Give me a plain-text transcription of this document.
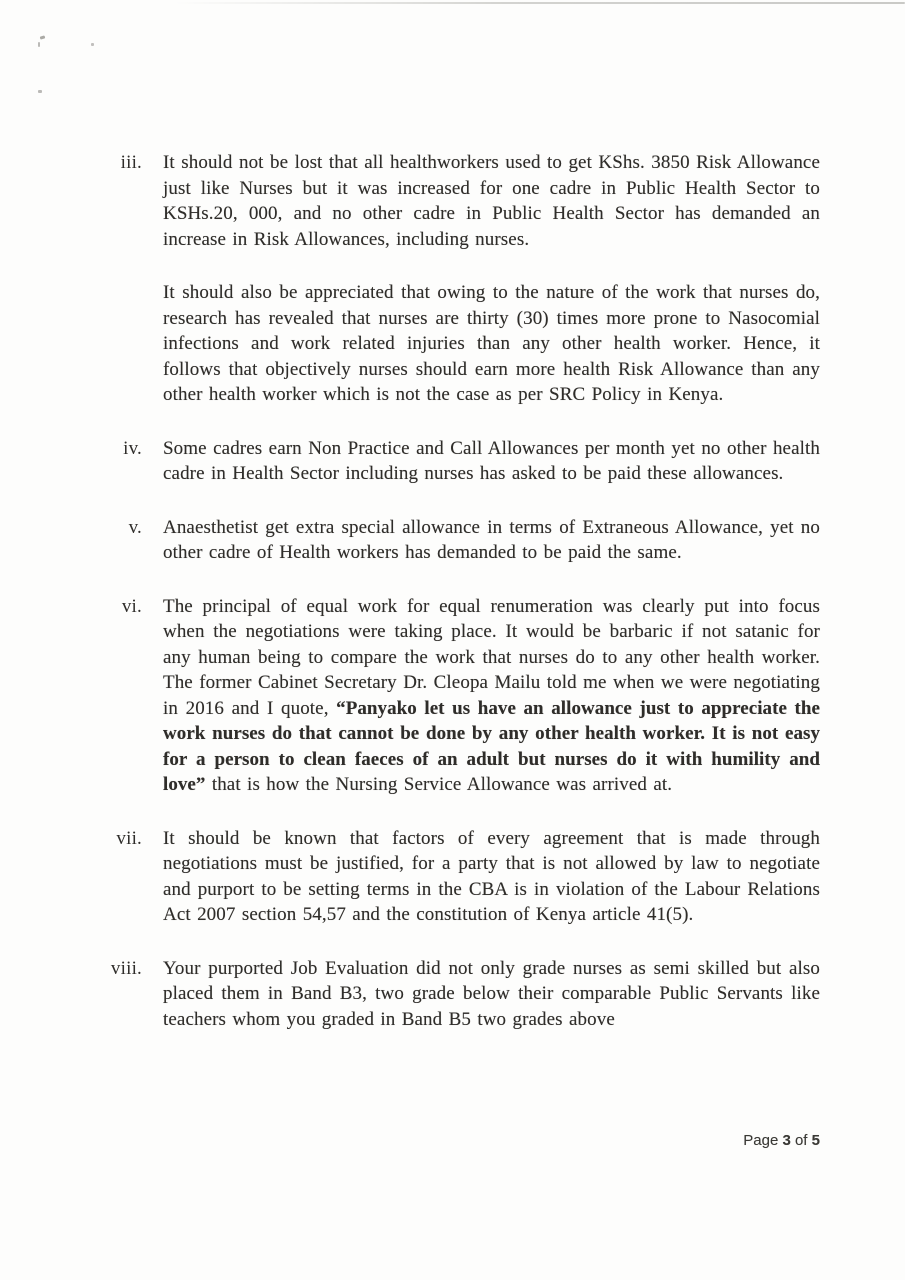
iii. It should not be lost that all healthworkers used to get KShs. 3850 Risk Allowance just like Nurses but it was increased for one cadre in Public Health Sector to KSHs.20, 000, and no other cadre in Public Health Sector has demanded an increase in Risk Allowances, including nurses.
It should also be appreciated that owing to the nature of the work that nurses do, research has revealed that nurses are thirty (30) times more prone to Nasocomial infections and work related injuries than any other health worker. Hence, it follows that objectively nurses should earn more health Risk Allowance than any other health worker which is not the case as per SRC Policy in Kenya.
iv. Some cadres earn Non Practice and Call Allowances per month yet no other health cadre in Health Sector including nurses has asked to be paid these allowances.
v. Anaesthetist get extra special allowance in terms of Extraneous Allowance, yet no other cadre of Health workers has demanded to be paid the same.
vi. The principal of equal work for equal renumeration was clearly put into focus when the negotiations were taking place. It would be barbaric if not satanic for any human being to compare the work that nurses do to any other health worker. The former Cabinet Secretary Dr. Cleopa Mailu told me when we were negotiating in 2016 and I quote, “Panyako let us have an allowance just to appreciate the work nurses do that cannot be done by any other health worker. It is not easy for a person to clean faeces of an adult but nurses do it with humility and love” that is how the Nursing Service Allowance was arrived at.
vii. It should be known that factors of every agreement that is made through negotiations must be justified, for a party that is not allowed by law to negotiate and purport to be setting terms in the CBA is in violation of the Labour Relations Act 2007 section 54,57 and the constitution of Kenya article 41(5).
viii. Your purported Job Evaluation did not only grade nurses as semi skilled but also placed them in Band B3, two grade below their comparable Public Servants like teachers whom you graded in Band B5 two grades above
Page 3 of 5
